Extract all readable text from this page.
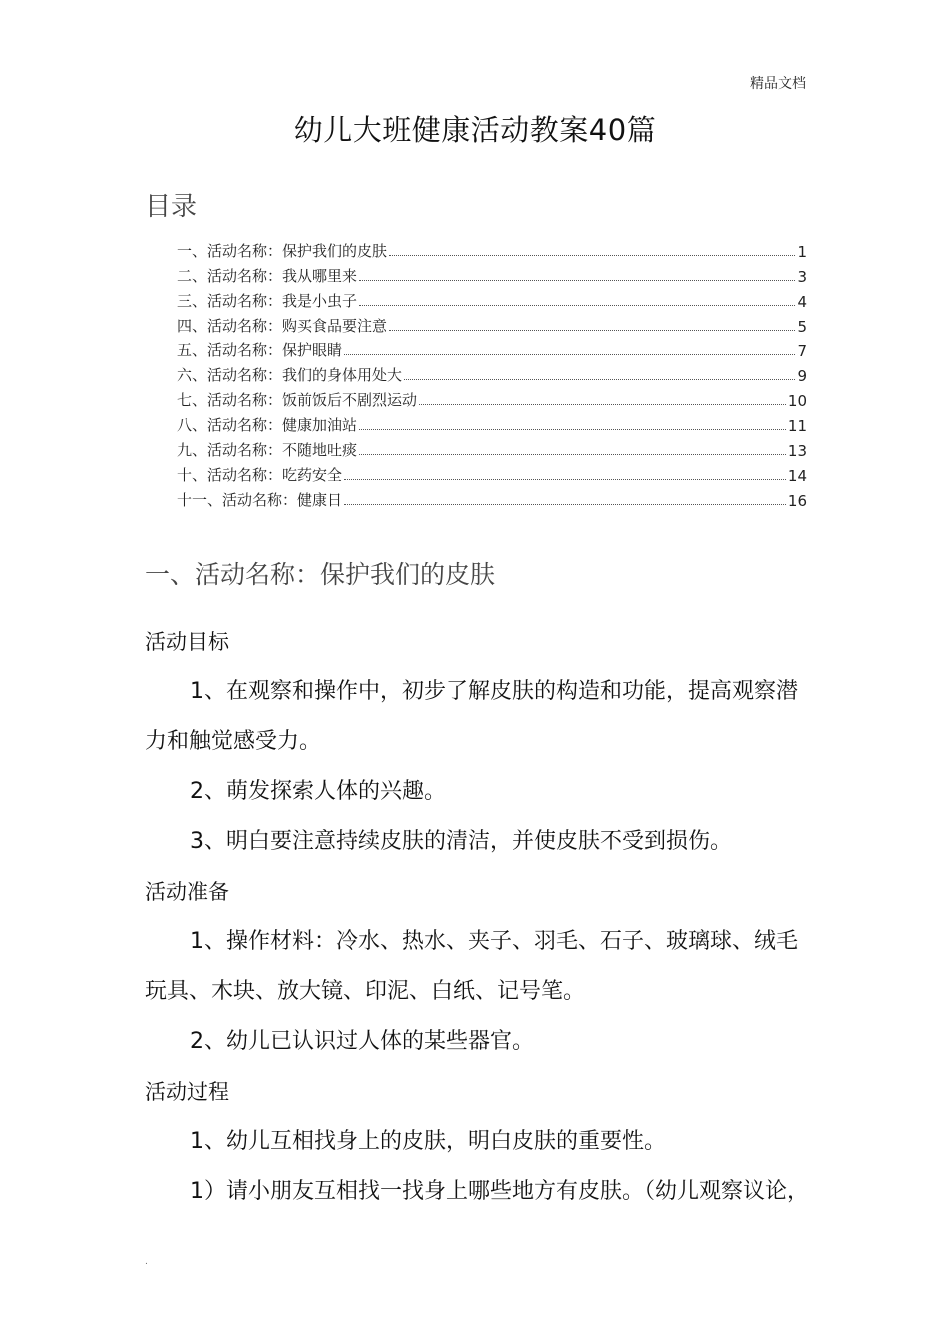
精品文档
幼儿大班健康活动教案40篇
目录
一、活动名称：保护我们的皮肤	1
二、活动名称：我从哪里来	3
三、活动名称：我是小虫子	4
四、活动名称：购买食品要注意	5
五、活动名称：保护眼睛	7
六、活动名称：我们的身体用处大	9
七、活动名称：饭前饭后不剧烈运动	10
八、活动名称：健康加油站	11
九、活动名称：不随地吐痰	13
十、活动名称：吃药安全	14
十一、活动名称：健康日	16
一、活动名称：保护我们的皮肤
活动目标
1、在观察和操作中，初步了解皮肤的构造和功能，提高观察潜
力和触觉感受力。
2、萌发探索人体的兴趣。
3、明白要注意持续皮肤的清洁，并使皮肤不受到损伤。
活动准备
1、操作材料：冷水、热水、夹子、羽毛、石子、玻璃球、绒毛
玩具、木块、放大镜、印泥、白纸、记号笔。
2、幼儿已认识过人体的某些器官。
活动过程
1、幼儿互相找身上的皮肤，明白皮肤的重要性。
1）请小朋友互相找一找身上哪些地方有皮肤。（幼儿观察议论，
.
